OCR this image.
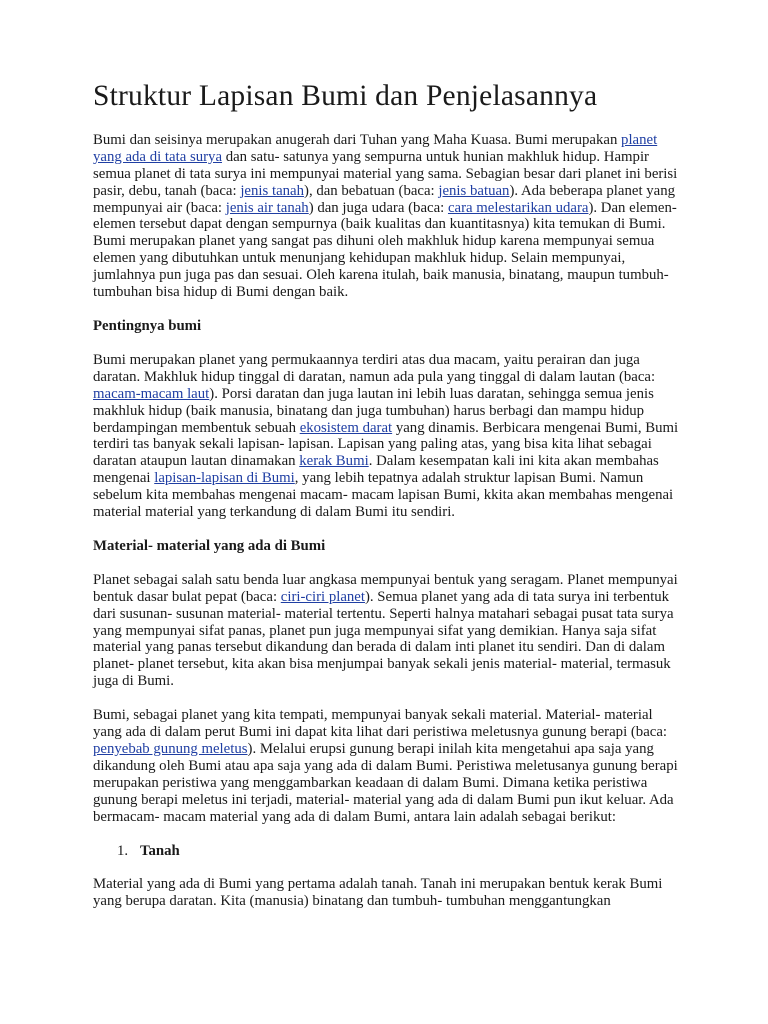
Struktur Lapisan Bumi dan Penjelasannya

Bumi dan seisinya merupakan anugerah dari Tuhan yang Maha Kuasa. Bumi merupakan planet yang ada di tata surya dan satu- satunya yang sempurna untuk hunian makhluk hidup. Hampir semua planet di tata surya ini mempunyai material yang sama. Sebagian besar dari planet ini berisi pasir, debu, tanah (baca: jenis tanah), dan bebatuan (baca: jenis batuan). Ada beberapa planet yang mempunyai air (baca: jenis air tanah) dan juga udara (baca: cara melestarikan udara). Dan elemen- elemen tersebut dapat dengan sempurnya (baik kualitas dan kuantitasnya) kita temukan di Bumi. Bumi merupakan planet yang sangat pas dihuni oleh makhluk hidup karena mempunyai semua elemen yang dibutuhkan untuk menunjang kehidupan makhluk hidup. Selain mempunyai, jumlahnya pun juga pas dan sesuai. Oleh karena itulah, baik manusia, binatang, maupun tumbuh- tumbuhan bisa hidup di Bumi dengan baik.

Pentingnya bumi

Bumi merupakan planet yang permukaannya terdiri atas dua macam, yaitu perairan dan juga daratan. Makhluk hidup tinggal di daratan, namun ada pula yang tinggal di dalam lautan (baca: macam-macam laut). Porsi daratan dan juga lautan ini lebih luas daratan, sehingga semua jenis makhluk hidup (baik manusia, binatang dan juga tumbuhan) harus berbagi dan mampu hidup berdampingan membentuk sebuah ekosistem darat yang dinamis. Berbicara mengenai Bumi, Bumi terdiri tas banyak sekali lapisan- lapisan. Lapisan yang paling atas, yang bisa kita lihat sebagai daratan ataupun lautan dinamakan kerak Bumi. Dalam kesempatan kali ini kita akan membahas mengenai lapisan-lapisan di Bumi, yang lebih tepatnya adalah struktur lapisan Bumi. Namun sebelum kita membahas mengenai macam- macam lapisan Bumi, kkita akan membahas mengenai material material yang terkandung di dalam Bumi itu sendiri.

Material- material yang ada di Bumi

Planet sebagai salah satu benda luar angkasa mempunyai bentuk yang seragam. Planet mempunyai bentuk dasar bulat pepat (baca: ciri-ciri planet). Semua planet yang ada di tata surya ini terbentuk dari susunan- susunan material- material tertentu. Seperti halnya matahari sebagai pusat tata surya yang mempunyai sifat panas, planet pun juga mempunyai sifat yang demikian. Hanya saja sifat material yang panas tersebut dikandung dan berada di dalam inti planet itu sendiri. Dan di dalam planet- planet tersebut, kita akan bisa menjumpai banyak sekali jenis material- material, termasuk juga di Bumi.

Bumi, sebagai planet yang kita tempati, mempunyai banyak sekali material. Material- material yang ada di dalam perut Bumi ini dapat kita lihat dari peristiwa meletusnya gunung berapi (baca: penyebab gunung meletus). Melalui erupsi gunung berapi inilah kita mengetahui apa saja yang dikandung oleh Bumi atau apa saja yang ada di dalam Bumi. Peristiwa meletusanya gunung berapi merupakan peristiwa yang menggambarkan keadaan di dalam Bumi. Dimana ketika peristiwa gunung berapi meletus ini terjadi, material- material yang ada di dalam Bumi pun ikut keluar. Ada bermacam- macam material yang ada di dalam Bumi, antara lain adalah sebagai berikut:

1. Tanah

Material yang ada di Bumi yang pertama adalah tanah. Tanah ini merupakan bentuk kerak Bumi yang berupa daratan. Kita (manusia) binatang dan tumbuh- tumbuhan menggantungkan
